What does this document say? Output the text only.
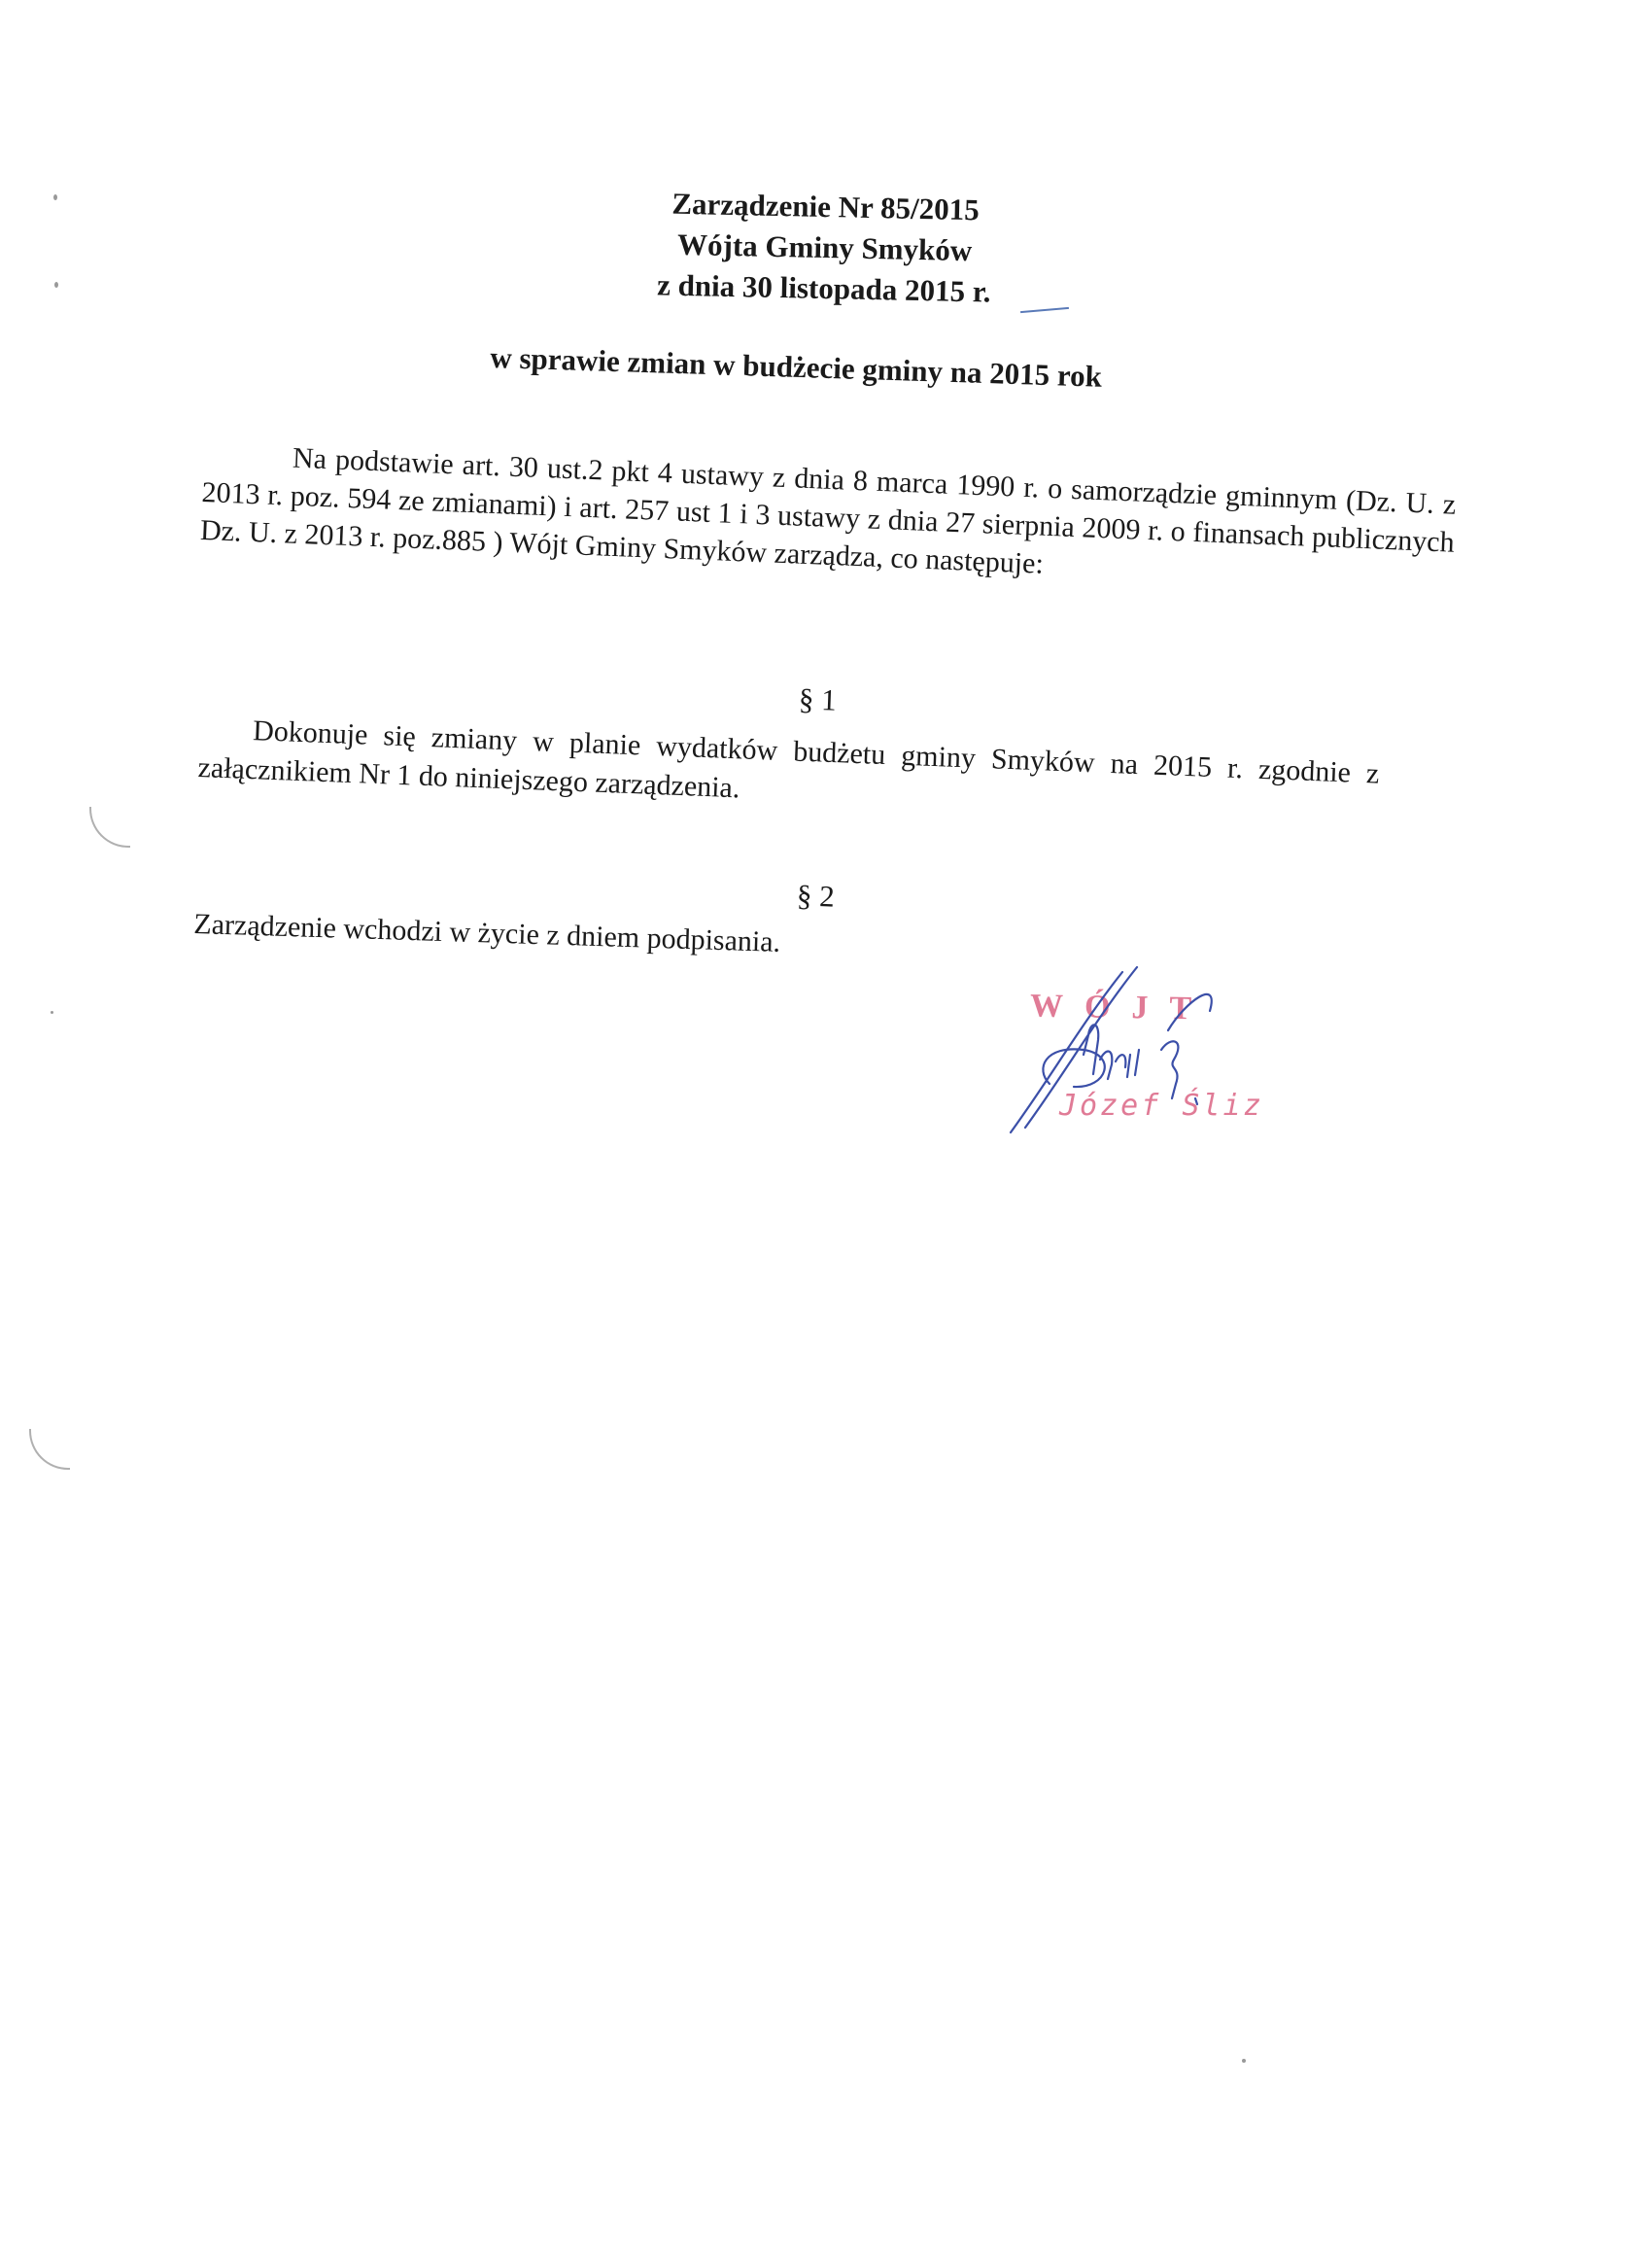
Zarządzenie Nr 85/2015
Wójta Gminy Smyków
z dnia 30 listopada 2015 r.
w sprawie zmian w budżecie gminy na 2015 rok
Na podstawie art. 30 ust.2 pkt 4 ustawy z dnia 8 marca 1990 r. o samorządzie gminnym (Dz. U. z 2013 r. poz. 594 ze zmianami) i art. 257 ust 1 i 3 ustawy z dnia 27 sierpnia 2009 r. o finansach publicznych Dz. U. z 2013 r. poz.885 ) Wójt Gminy Smyków zarządza, co następuje:
§ 1
Dokonuje się zmiany w planie wydatków budżetu gminy Smyków na 2015 r. zgodnie z załącznikiem Nr 1 do niniejszego zarządzenia.
§ 2
Zarządzenie wchodzi w życie z dniem podpisania.
WÓJT
Józef Śliz
